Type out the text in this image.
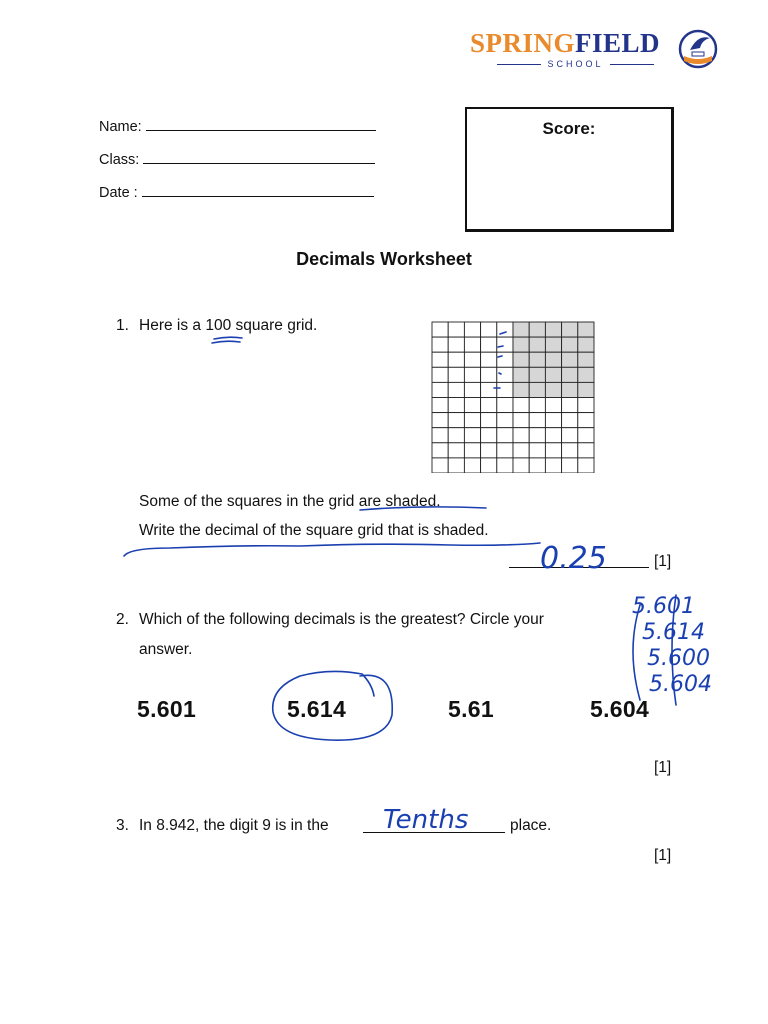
SPRINGFIELD
SCHOOL
Name:
Class:
Date :
Score:
Decimals Worksheet
1. Here is a 100 square grid.
Some of the squares in the grid are shaded.
Write the decimal of the square grid that is shaded.
[1]
2. Which of the following decimals is the greatest? Circle your
answer.
5.601	5.614	5.61	5.604
[1]
3. In 8.942, the digit 9 is in the	place.
[1]
0.25
5.601
5.614
5.600
5.604
Tenths
